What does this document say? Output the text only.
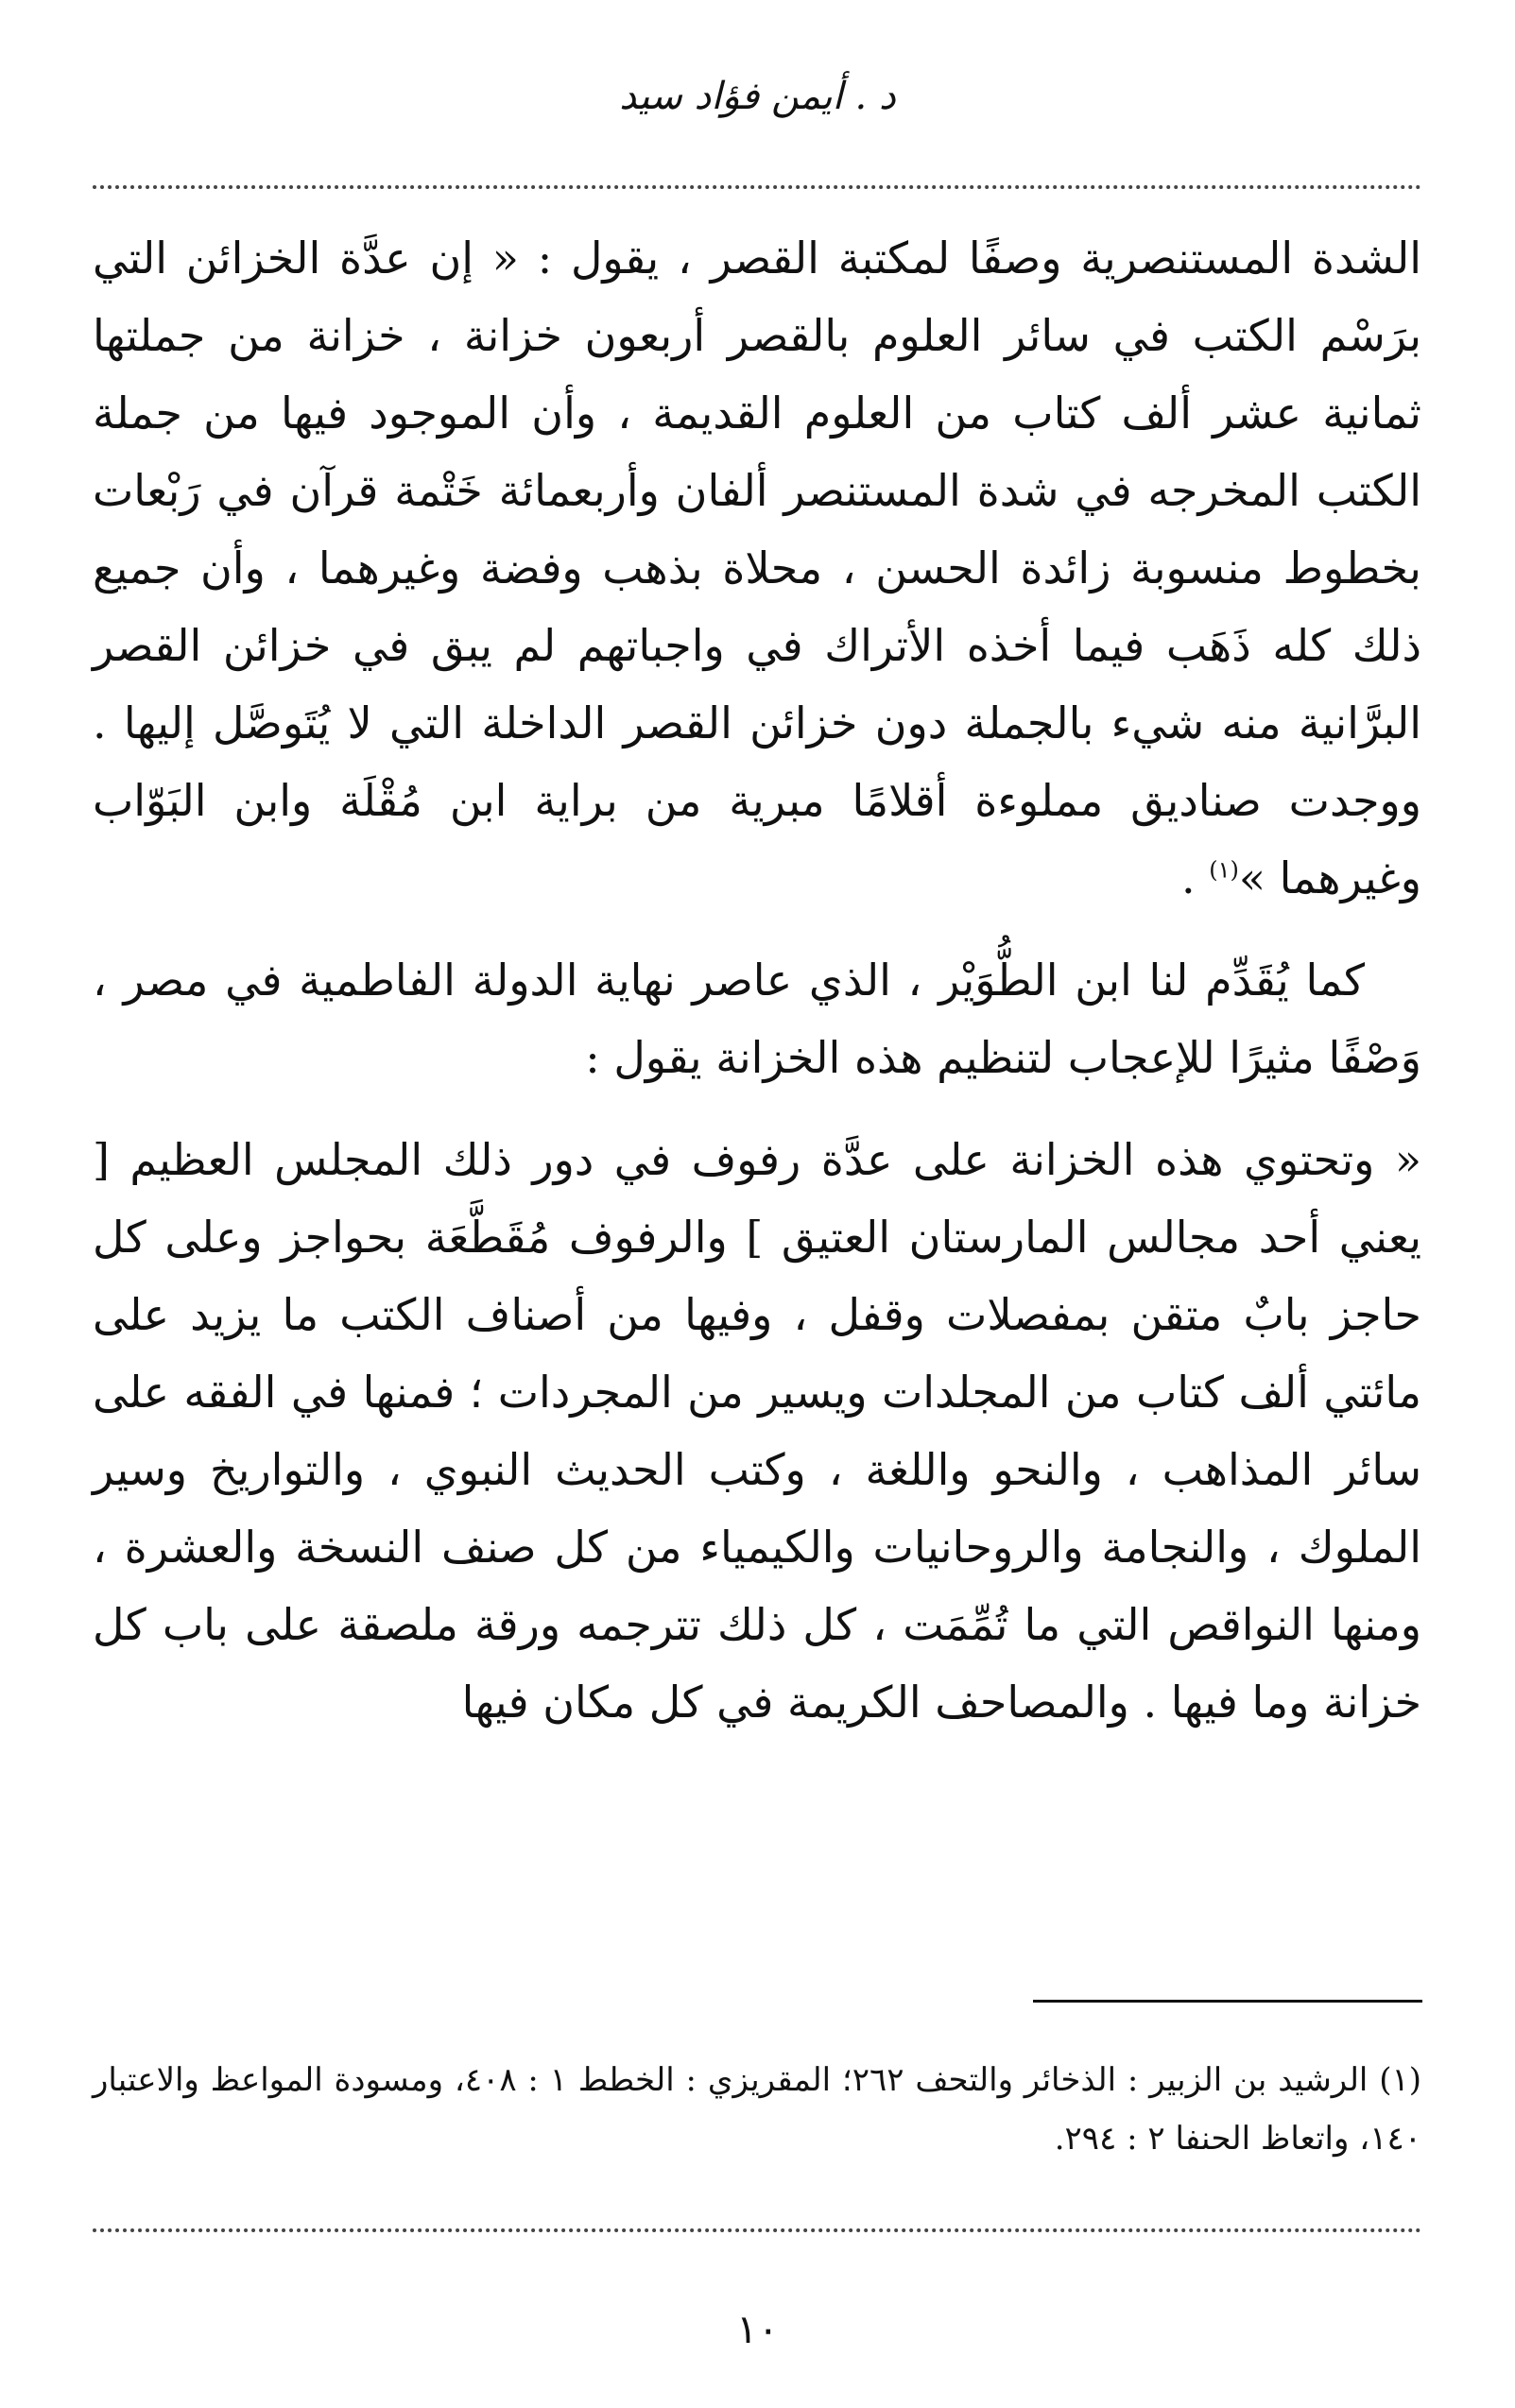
د . أيمن فؤاد سيد

الشدة المستنصرية وصفًا لمكتبة القصر ، يقول : « إن عدَّة الخزائن التي برَسْم الكتب في سائر العلوم بالقصر أربعون خزانة ، خزانة من جملتها ثمانية عشر ألف كتاب من العلوم القديمة ، وأن الموجود فيها من جملة الكتب المخرجه في شدة المستنصر ألفان وأربعمائة خَتْمة قرآن في رَبْعات بخطوط منسوبة زائدة الحسن ، محلاة بذهب وفضة وغيرهما ، وأن جميع ذلك كله ذَهَب فيما أخذه الأتراك في واجباتهم لم يبق في خزائن القصر البرَّانية منه شيء بالجملة دون خزائن القصر الداخلة التي لا يُتَوصَّل إليها . ووجدت صناديق مملوءة أقلامًا مبرية من براية ابن مُقْلَة وابن البَوّاب وغيرهما »$^{(١)}$ .

كما يُقَدِّم لنا ابن الطُّوَيْر ، الذي عاصر نهاية الدولة الفاطمية في مصر ، وَصْفًا مثيرًا للإعجاب لتنظيم هذه الخزانة يقول :

« وتحتوي هذه الخزانة على عدَّة رفوف في دور ذلك المجلس العظيم [ يعني أحد مجالس المارستان العتيق ] والرفوف مُقَطَّعَة بحواجز وعلى كل حاجز بابٌ متقن بمفصلات وقفل ، وفيها من أصناف الكتب ما يزيد على مائتي ألف كتاب من المجلدات ويسير من المجردات ؛ فمنها في الفقه على سائر المذاهب ، والنحو واللغة ، وكتب الحديث النبوي ، والتواريخ وسير الملوك ، والنجامة والروحانيات والكيمياء من كل صنف النسخة والعشرة ، ومنها النواقص التي ما تُمِّمَت ، كل ذلك تترجمه ورقة ملصقة على باب كل خزانة وما فيها . والمصاحف الكريمة في كل مكان فيها

(١) الرشيد بن الزبير : الذخائر والتحف ٢٦٢؛ المقريزي : الخطط ١ : ٤٠٨، ومسودة المواعظ والاعتبار ١٤٠، واتعاظ الحنفا ٢ : ٢٩٤.

١٠
